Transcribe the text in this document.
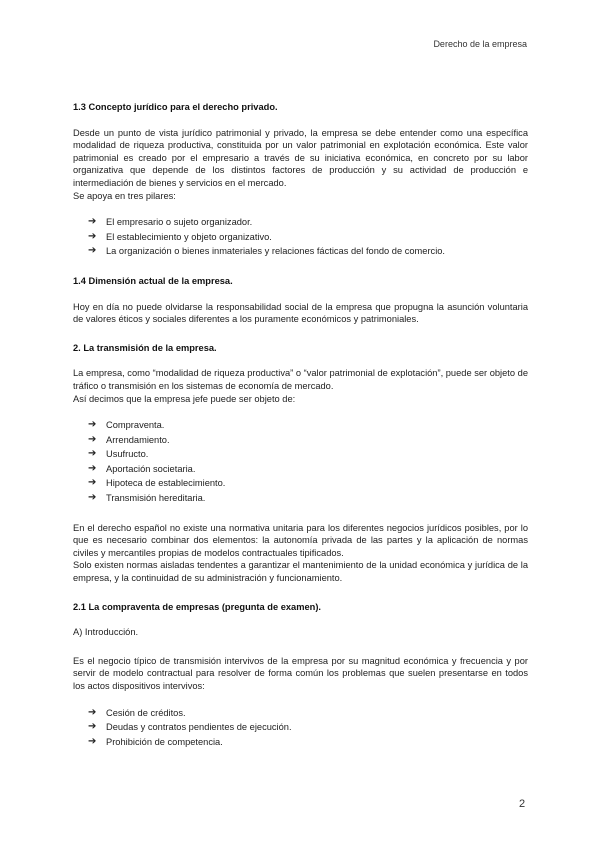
Derecho de la empresa

1.3 Concepto jurídico para el derecho privado.

Desde un punto de vista jurídico patrimonial y privado, la empresa se debe entender como una específica modalidad de riqueza productiva, constituida por un valor patrimonial en explotación económica. Este valor patrimonial es creado por el empresario a través de su iniciativa económica, en concreto por su labor organizativa que depende de los distintos factores de producción y su actividad de producción e intermediación de bienes y servicios en el mercado.

Se apoya en tres pilares:

➔ El empresario o sujeto organizador.
➔ El establecimiento y objeto organizativo.
➔ La organización o bienes inmateriales y relaciones fácticas del fondo de comercio.

1.4 Dimensión actual de la empresa.

Hoy en día no puede olvidarse la responsabilidad social de la empresa que propugna la asunción voluntaria de valores éticos y sociales diferentes a los puramente económicos y patrimoniales.

2. La transmisión de la empresa.

La empresa, como “modalidad de riqueza productiva” o “valor patrimonial de explotación”, puede ser objeto de tráfico o transmisión en los sistemas de economía de mercado.

Así decimos que la empresa jefe puede ser objeto de:

➔ Compraventa.
➔ Arrendamiento.
➔ Usufructo.
➔ Aportación societaria.
➔ Hipoteca de establecimiento.
➔ Transmisión hereditaria.

En el derecho español no existe una normativa unitaria para los diferentes negocios jurídicos posibles, por lo que es necesario combinar dos elementos: la autonomía privada de las partes y la aplicación de normas civiles y mercantiles propias de modelos contractuales tipificados.

Solo existen normas aisladas tendentes a garantizar el mantenimiento de la unidad económica y jurídica de la empresa, y la continuidad de su administración y funcionamiento.

2.1 La compraventa de empresas (pregunta de examen).

A) Introducción.

Es el negocio típico de transmisión intervivos de la empresa por su magnitud económica y frecuencia y por servir de modelo contractual para resolver de forma común los problemas que suelen presentarse en todos los actos dispositivos intervivos:

➔ Cesión de créditos.
➔ Deudas y contratos pendientes de ejecución.
➔ Prohibición de competencia.
2
